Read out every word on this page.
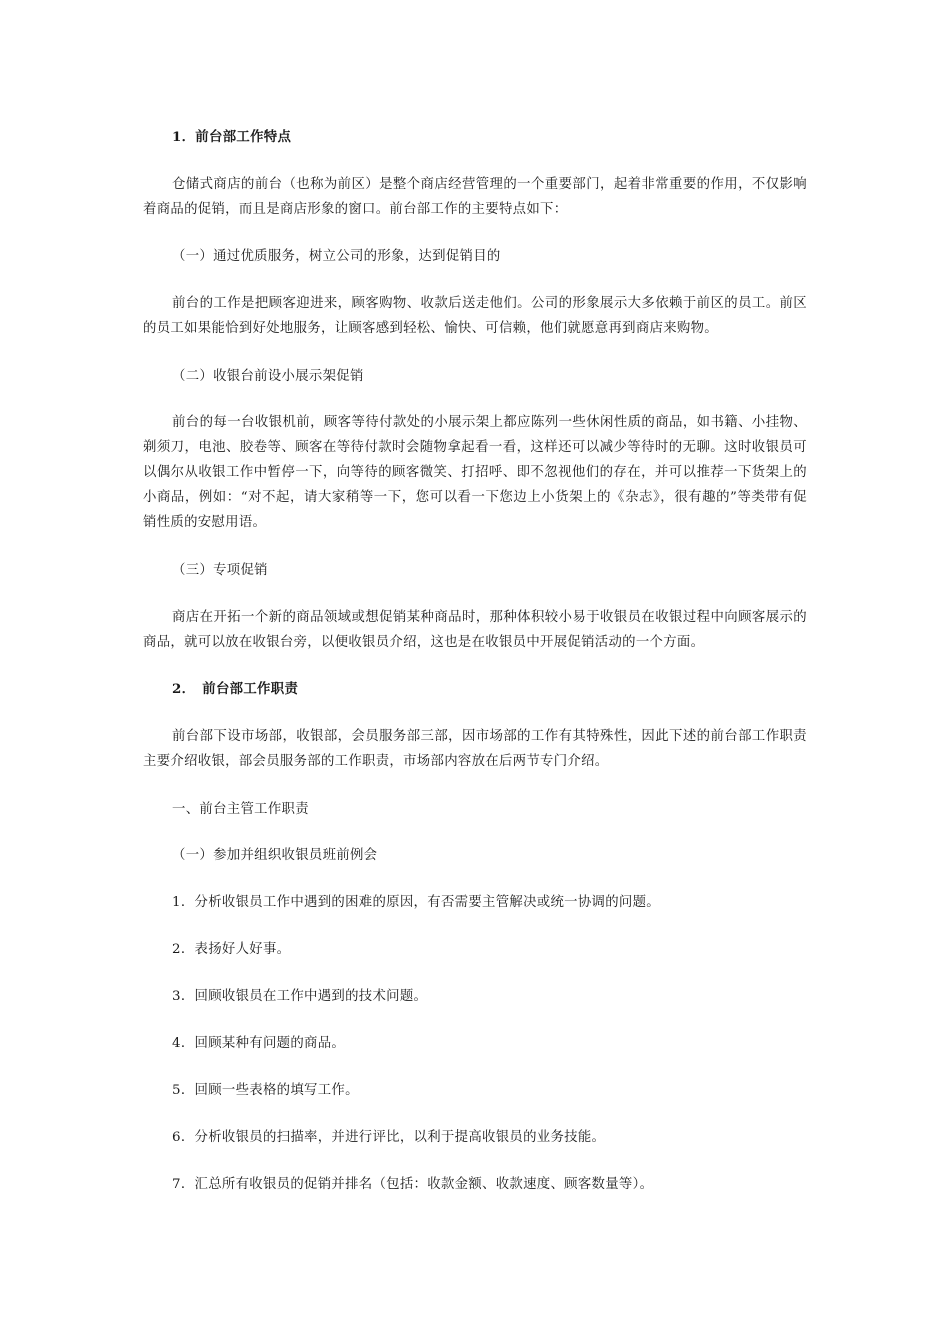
1．前台部工作特点

仓储式商店的前台（也称为前区）是整个商店经营管理的一个重要部门，起着非常重要的作用，不仅影响着商品的促销，而且是商店形象的窗口。前台部工作的主要特点如下：

（一）通过优质服务，树立公司的形象，达到促销目的

前台的工作是把顾客迎进来，顾客购物、收款后送走他们。公司的形象展示大多依赖于前区的员工。前区的员工如果能恰到好处地服务，让顾客感到轻松、愉快、可信赖，他们就愿意再到商店来购物。

（二）收银台前设小展示架促销

前台的每一台收银机前，顾客等待付款处的小展示架上都应陈列一些休闲性质的商品，如书籍、小挂物、剃须刀，电池、胶卷等、顾客在等待付款时会随物拿起看一看，这样还可以减少等待时的无聊。这时收银员可以偶尔从收银工作中暂停一下，向等待的顾客微笑、打招呼、即不忽视他们的存在，并可以推荐一下货架上的小商品，例如：“对不起，请大家稍等一下，您可以看一下您边上小货架上的《杂志》，很有趣的”等类带有促销性质的安慰用语。

（三）专项促销

商店在开拓一个新的商品领域或想促销某种商品时，那种体积较小易于收银员在收银过程中向顾客展示的商品，就可以放在收银台旁，以便收银员介绍，这也是在收银员中开展促销活动的一个方面。

2．　前台部工作职责

前台部下设市场部，收银部，会员服务部三部，因市场部的工作有其特殊性，因此下述的前台部工作职责主要介绍收银，部会员服务部的工作职责，市场部内容放在后两节专门介绍。

一、前台主管工作职责

（一）参加并组织收银员班前例会

1．分析收银员工作中遇到的困难的原因，有否需要主管解决或统一协调的问题。

2．表扬好人好事。

3．回顾收银员在工作中遇到的技术问题。

4．回顾某种有问题的商品。

5．回顾一些表格的填写工作。

6．分析收银员的扫描率，并进行评比，以利于提高收银员的业务技能。

7．汇总所有收银员的促销并排名（包括：收款金额、收款速度、顾客数量等）。
